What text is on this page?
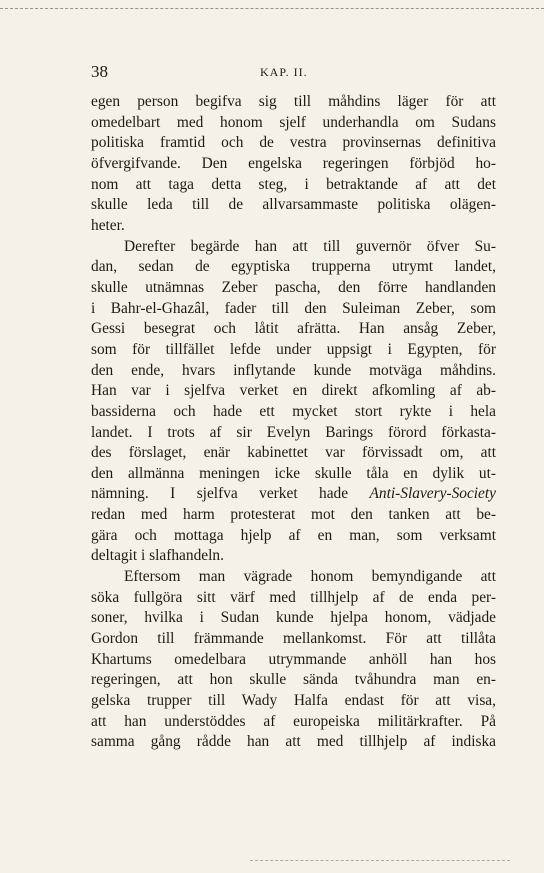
38	KAP. II.

egen person begifva sig till måhdins läger för att
omedelbart med honom sjelf underhandla om Sudans
politiska framtid och de vestra provinsernas definitiva
öfvergifvande. Den engelska regeringen förbjöd ho-
nom att taga detta steg, i betraktande af att det
skulle leda till de allvarsammaste politiska olägen-
heter.

Derefter begärde han att till guvernör öfver Su-
dan, sedan de egyptiska trupperna utrymt landet,
skulle utnämnas Zeber pascha, den förre handlanden
i Bahr-el-Ghazâl, fader till den Suleiman Zeber, som
Gessi besegrat och låtit afrätta. Han ansåg Zeber,
som för tillfället lefde under uppsigt i Egypten, för
den ende, hvars inflytande kunde motväga måhdins.
Han var i sjelfva verket en direkt afkomling af ab-
bassiderna och hade ett mycket stort rykte i hela
landet. I trots af sir Evelyn Barings förord förkasta-
des förslaget, enär kabinettet var förvissadt om, att
den allmänna meningen icke skulle tåla en dylik ut-
nämning. I sjelfva verket hade Anti-Slavery-Society
redan med harm protesterat mot den tanken att be-
gära och mottaga hjelp af en man, som verksamt
deltagit i slafhandeln.

Eftersom man vägrade honom bemyndigande att
söka fullgöra sitt värf med tillhjelp af de enda per-
soner, hvilka i Sudan kunde hjelpa honom, vädjade
Gordon till främmande mellankomst. För att tillåta
Khartums omedelbara utrymmande anhöll han hos
regeringen, att hon skulle sända tvåhundra man en-
gelska trupper till Wady Halfa endast för att visa,
att han understöddes af europeiska militärkrafter. På
samma gång rådde han att med tillhjelp af indiska
